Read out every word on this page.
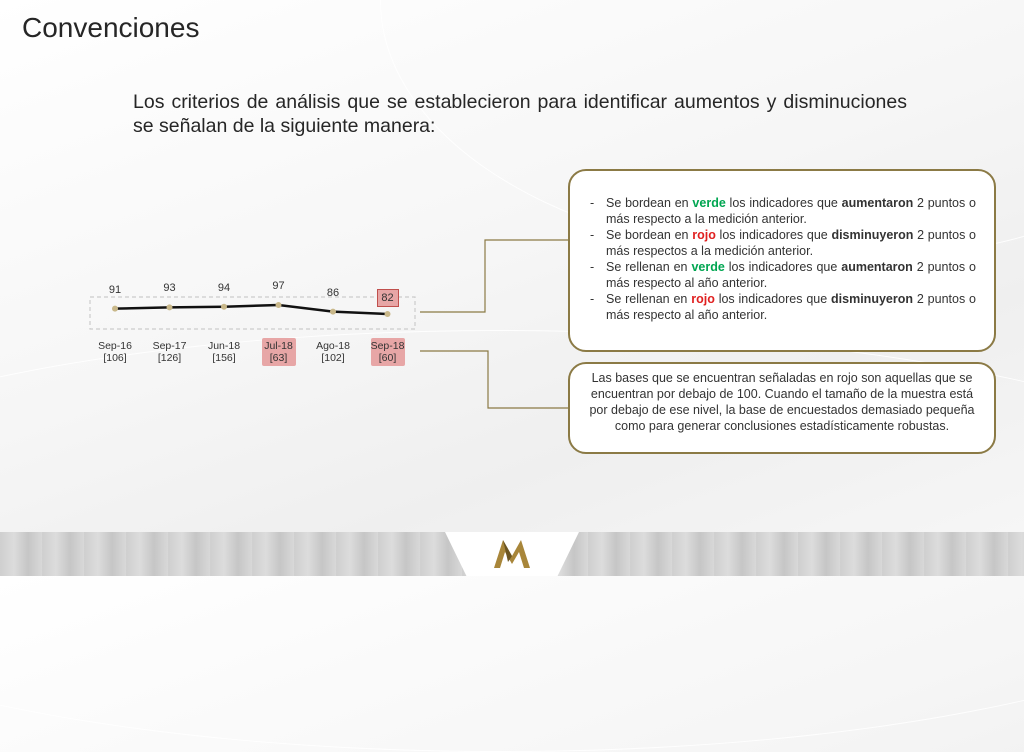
Convenciones
Los criterios de análisis que se establecieron para identificar aumentos y disminuciones se señalan de la siguiente manera:
91
Sep-16
[106]
93
Sep-17
[126]
94
Jun-18
[156]
97
Jul-18
[63]
86
Ago-18
[102]
82
Sep-18
[60]
- Se bordean en verde los indicadores que aumentaron 2 puntos o más respecto a la medición anterior.
- Se bordean en rojo los indicadores que disminuyeron 2 puntos o más respectos a la medición anterior.
- Se rellenan en verde los indicadores que aumentaron 2 puntos o más respecto al año anterior.
- Se rellenan en rojo los indicadores que disminuyeron 2 puntos o más respecto al año anterior.
Las bases que se encuentran señaladas en rojo son aquellas que se encuentran por debajo de 100. Cuando el tamaño de la muestra está por debajo de ese nivel, la base de encuestados demasiado pequeña como para generar conclusiones estadísticamente robustas.
